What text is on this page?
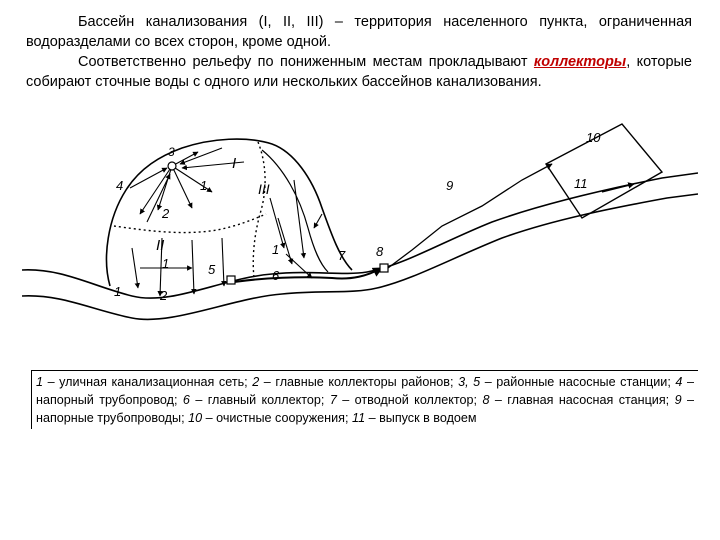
Бассейн канализования (I, II, III) – территория населенного пункта, ограниченная водоразделами со всех сторон, кроме одной.

Соответственно рельефу по пониженным местам прокладывают коллекторы, которые собирают сточные воды с одного или нескольких бассейнов канализования.

I
II
III
1
1
1
1	2
2
3
4
5	6
7 8
9
10
11
1 – уличная канализационная сеть; 2 – главные коллекторы районов; 3, 5 – районные насосные станции; 4 – напорный трубопровод; 6 – главный коллектор; 7 – отводной коллектор; 8 – главная насосная станция; 9 – напорные трубопроводы; 10 – очистные сооружения; 11 – выпуск в водоем
